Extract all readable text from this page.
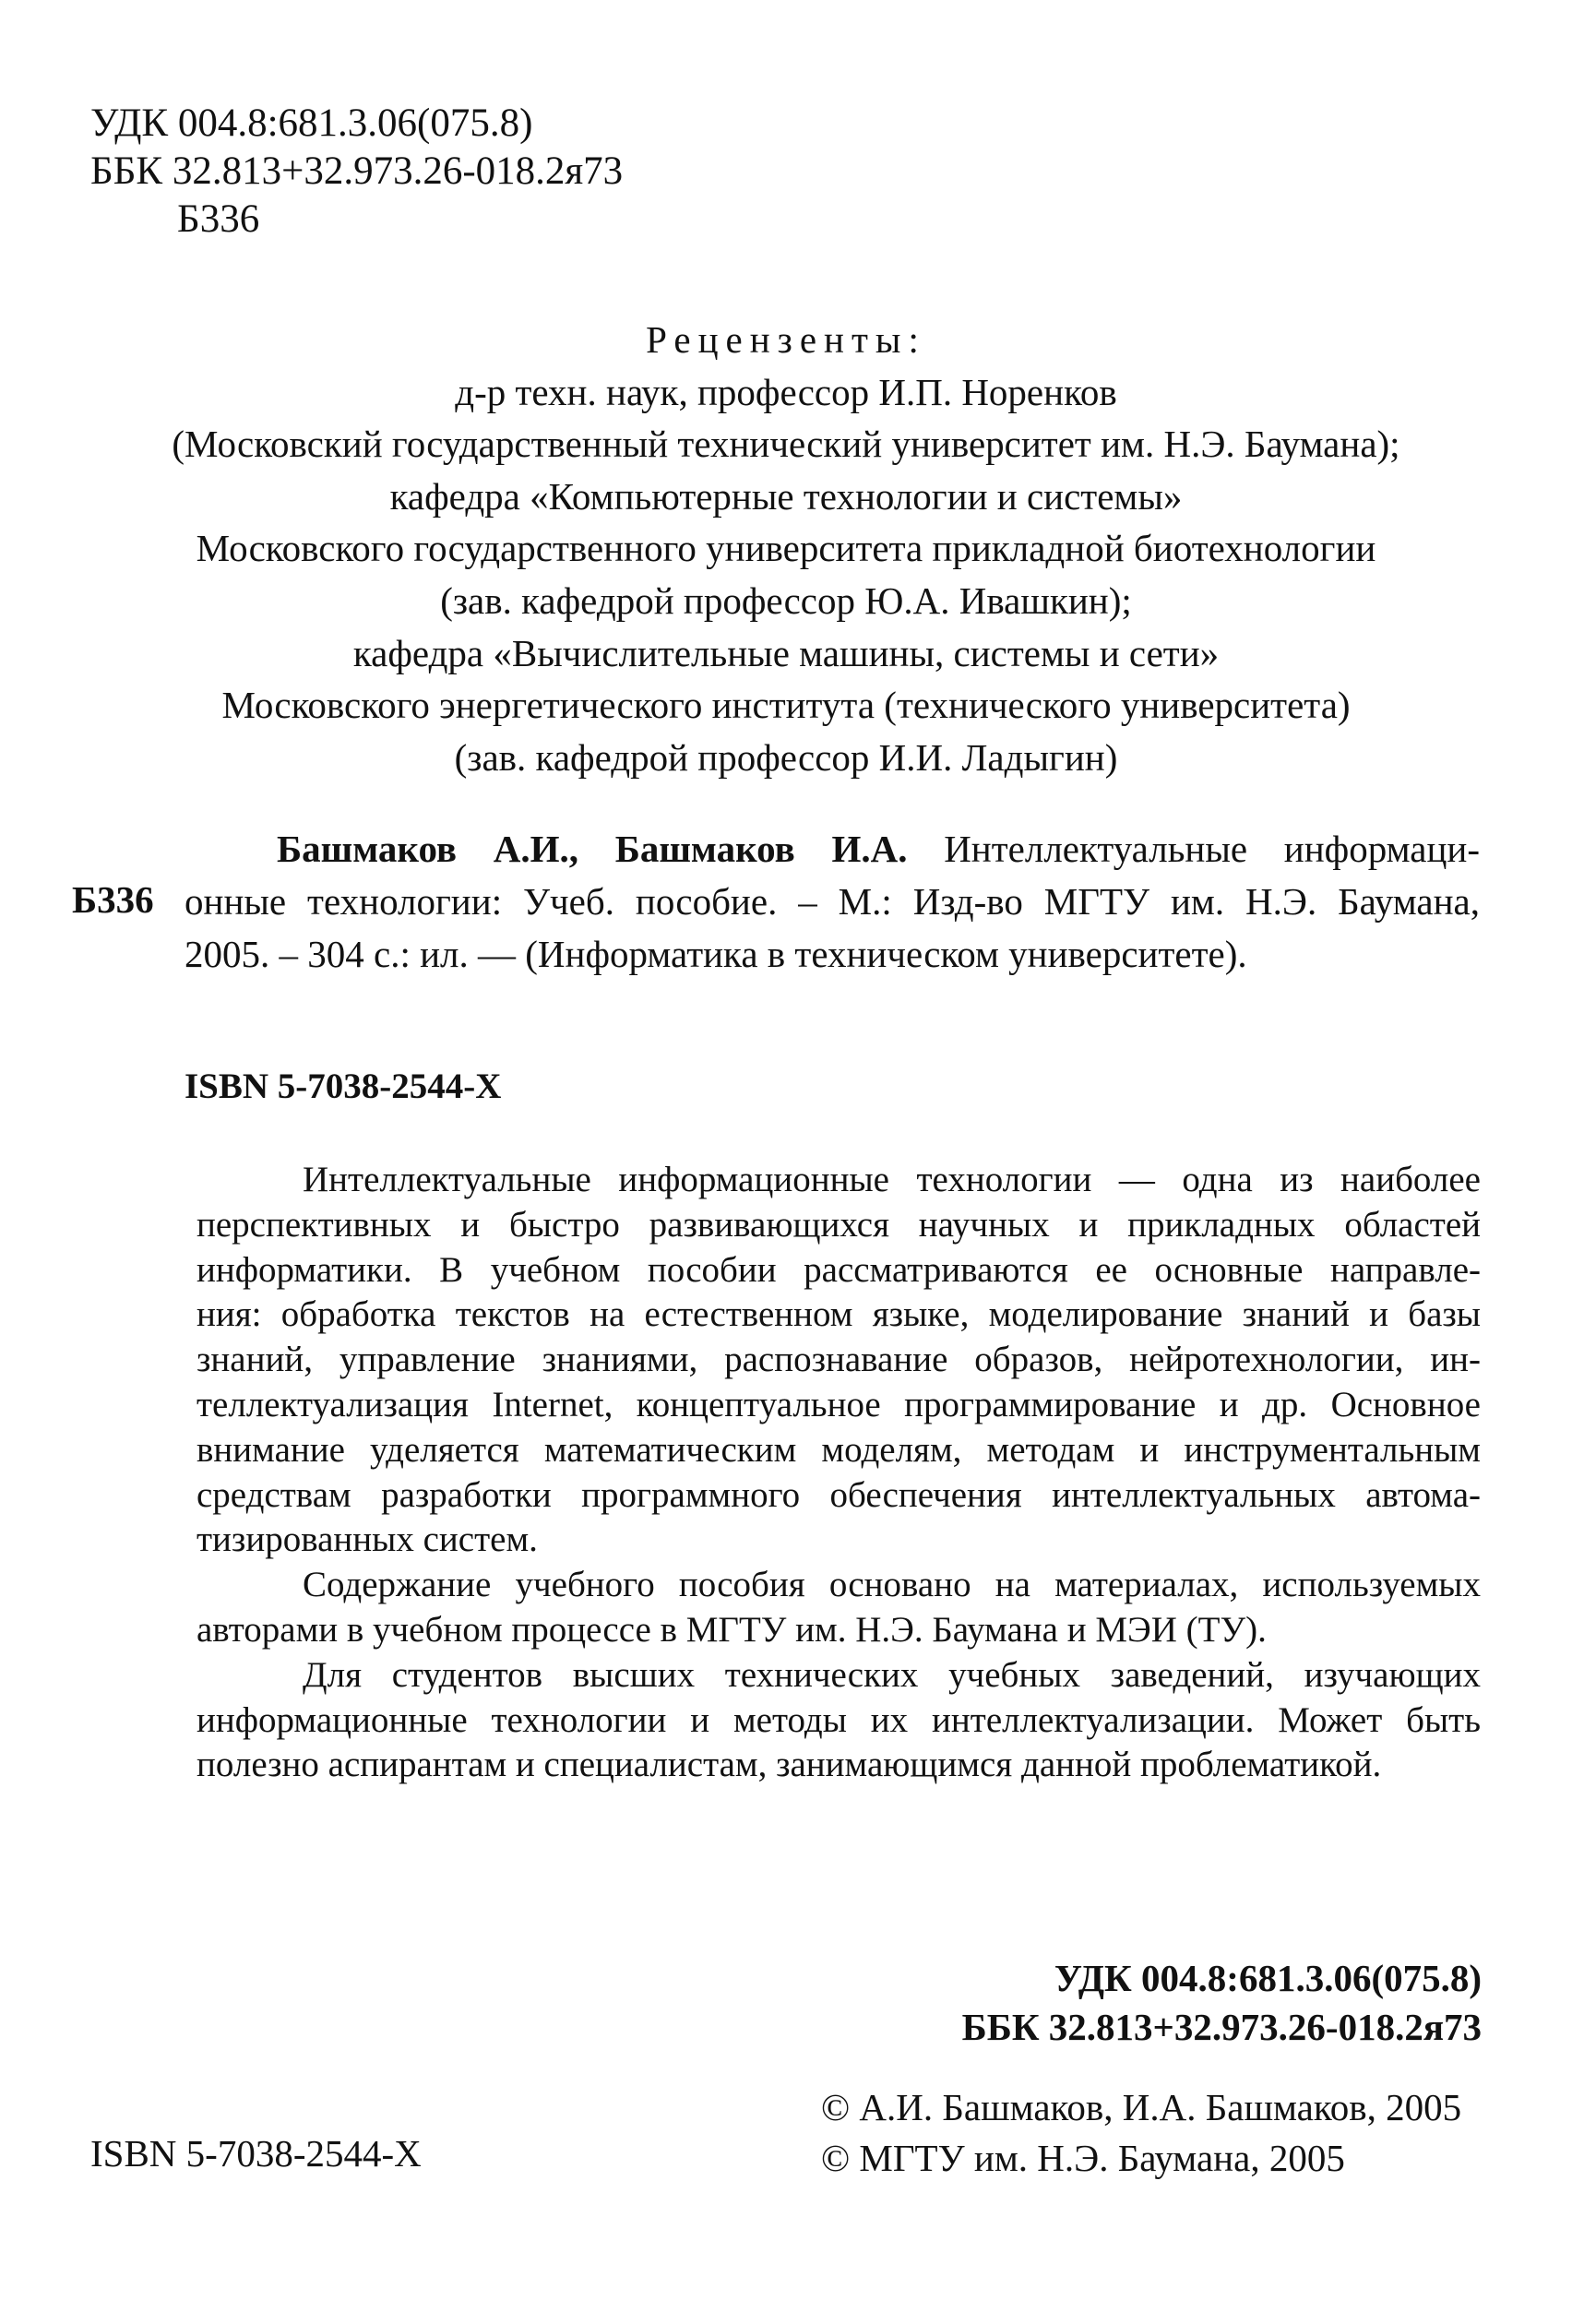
УДК 004.8:681.3.06(075.8)
ББК 32.813+32.973.26-018.2я73
Б336
Рецензенты:
д-р техн. наук, профессор И.П. Норенков
(Московский государственный технический университет им. Н.Э. Баумана);
кафедра «Компьютерные технологии и системы»
Московского государственного университета прикладной биотехнологии
(зав. кафедрой профессор Ю.А. Ивашкин);
кафедра «Вычислительные машины, системы и сети»
Московского энергетического института (технического университета)
(зав. кафедрой профессор И.И. Ладыгин)
Б336
Башмаков А.И., Башмаков И.А. Интеллектуальные информаци-
онные технологии: Учеб. пособие. – М.: Изд-во МГТУ им. Н.Э. Баумана,
2005. – 304 с.: ил. — (Информатика в техническом университете).
ISBN 5-7038-2544-X
Интеллектуальные информационные технологии — одна из наиболее
перспективных и быстро развивающихся научных и прикладных областей
информатики. В учебном пособии рассматриваются ее основные направле-
ния: обработка текстов на естественном языке, моделирование знаний и базы
знаний, управление знаниями, распознавание образов, нейротехнологии, ин-
теллектуализация Internet, концептуальное программирование и др. Основное
внимание уделяется математическим моделям, методам и инструментальным
средствам разработки программного обеспечения интеллектуальных автома-
тизированных систем.
Содержание учебного пособия основано на материалах, используемых
авторами в учебном процессе в МГТУ им. Н.Э. Баумана и МЭИ (ТУ).
Для студентов высших технических учебных заведений, изучающих
информационные технологии и методы их интеллектуализации. Может быть
полезно аспирантам и специалистам, занимающимся данной проблематикой.
УДК 004.8:681.3.06(075.8)
ББК 32.813+32.973.26-018.2я73
ISBN 5-7038-2544-X
© А.И. Башмаков, И.А. Башмаков, 2005
© МГТУ им. Н.Э. Баумана, 2005
